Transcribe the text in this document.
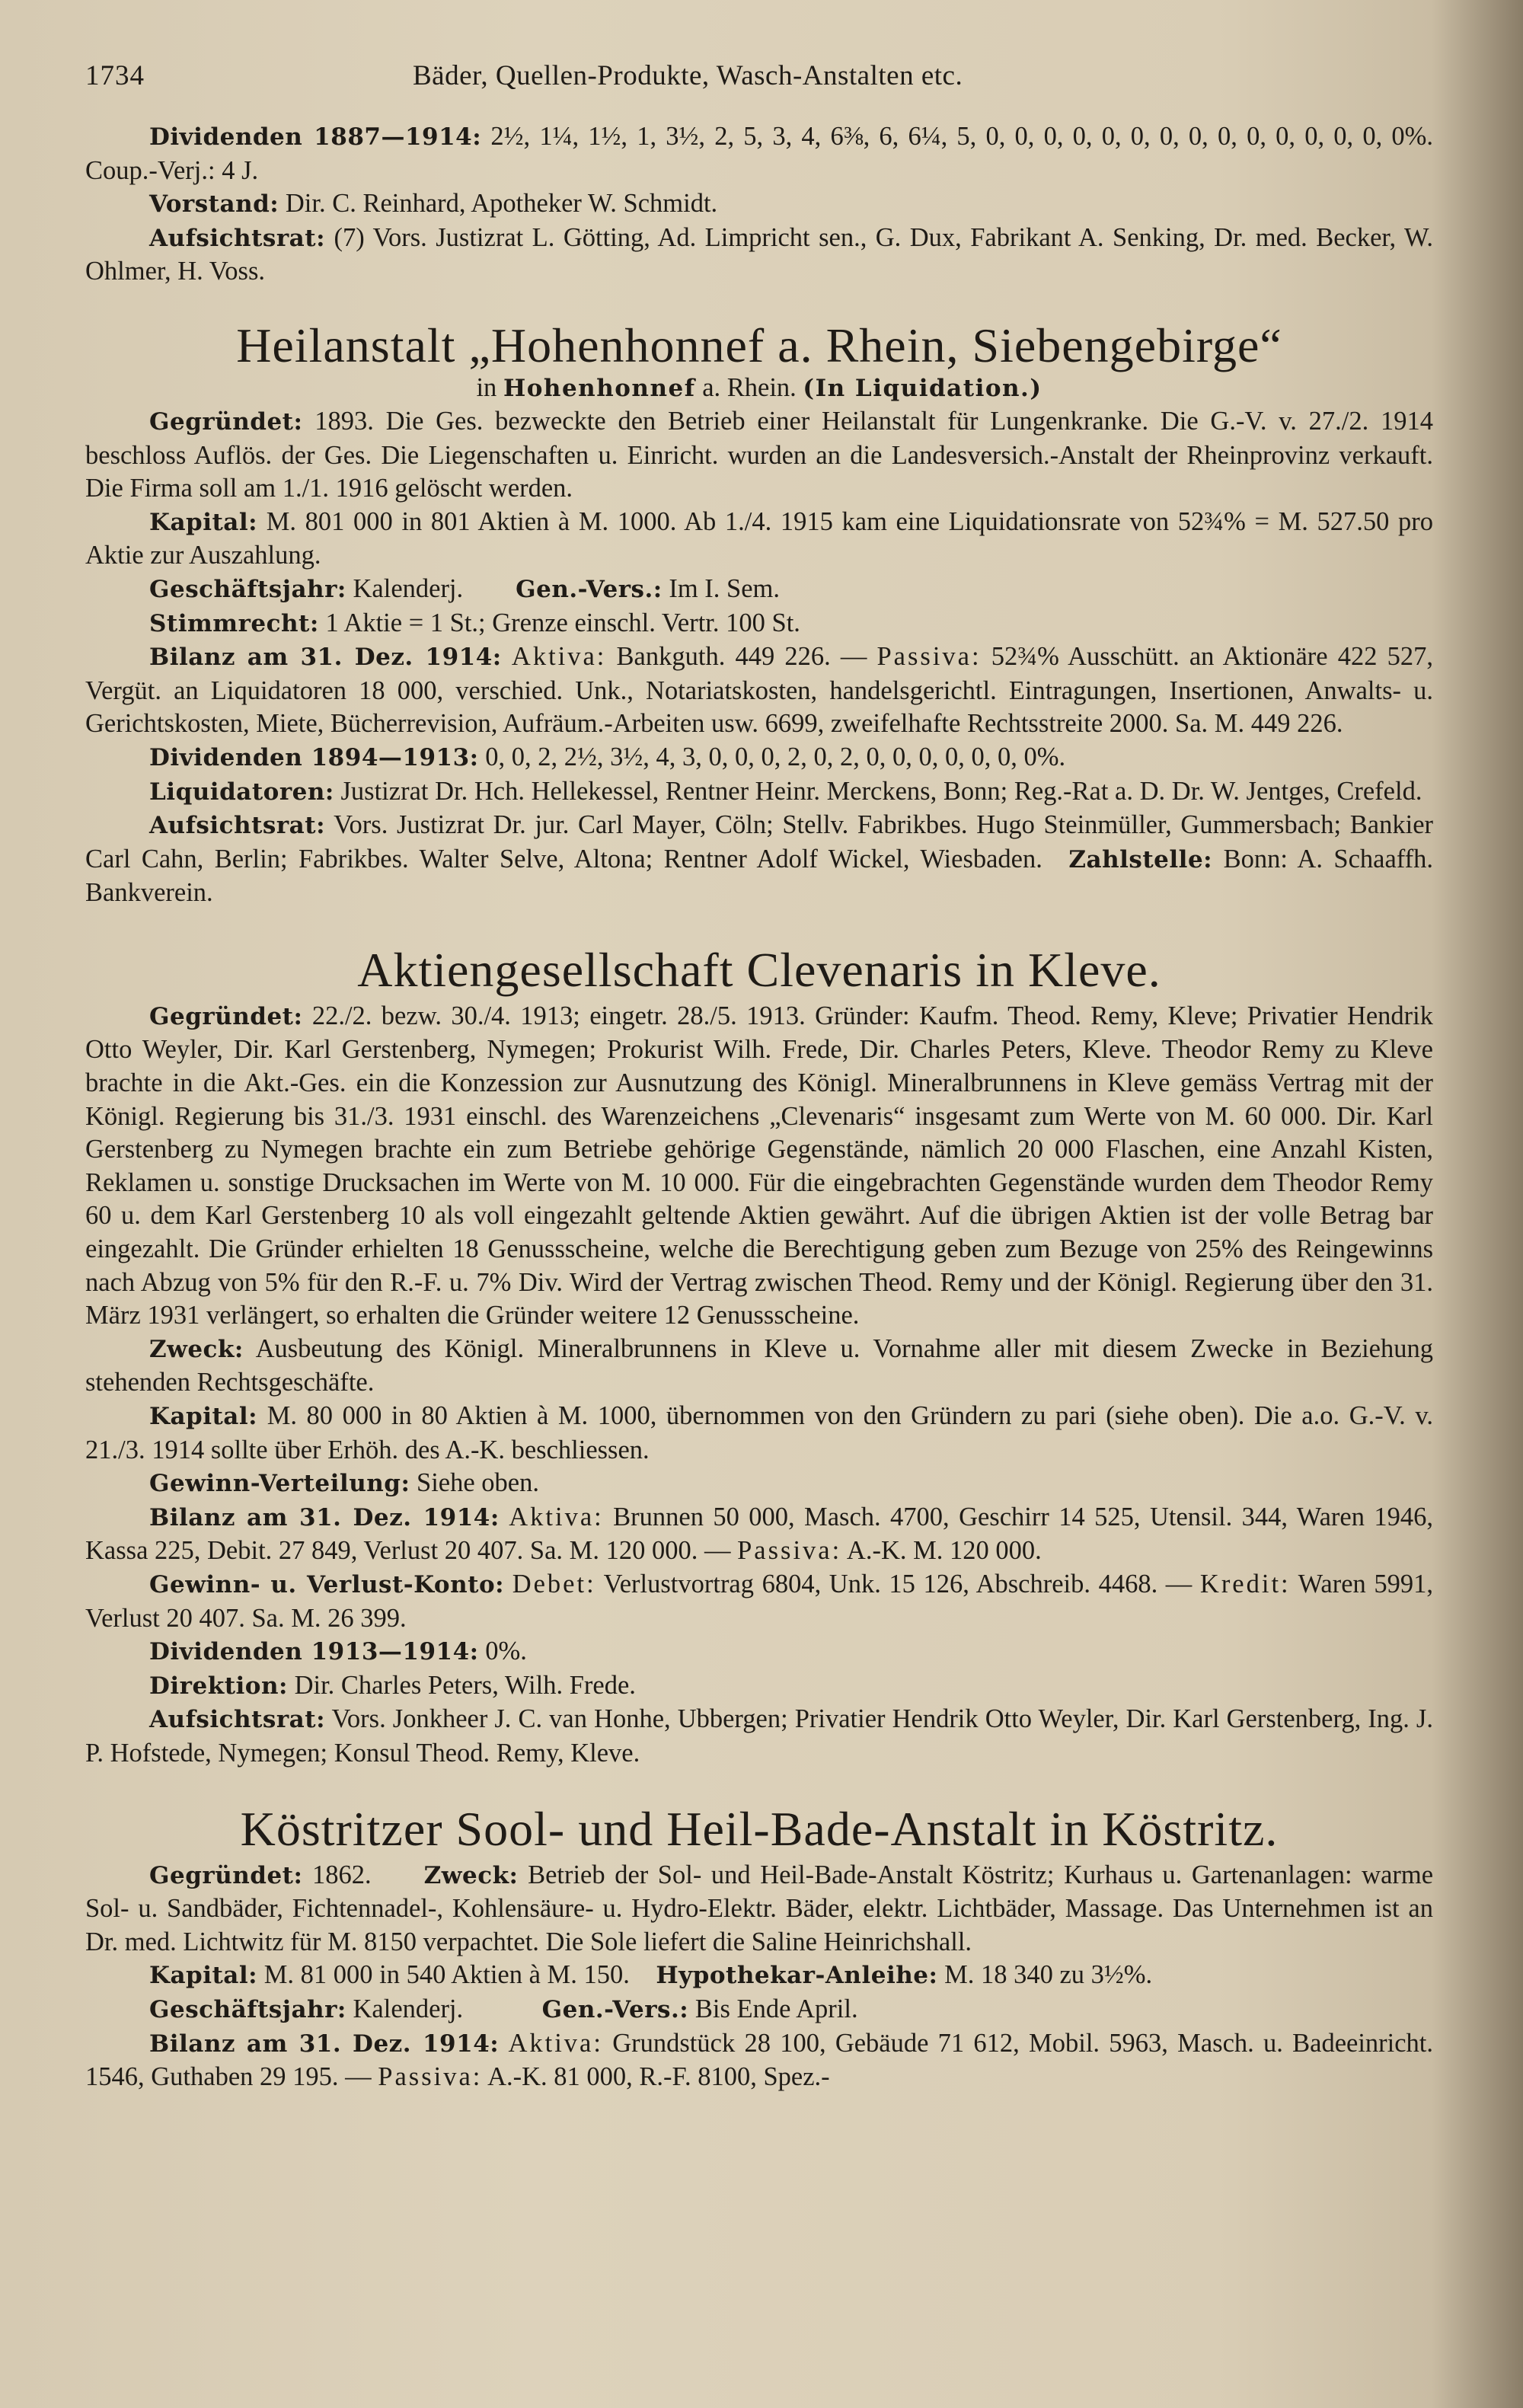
1734	Bäder, Quellen-Produkte, Wasch-Anstalten etc.

Dividenden 1887—1914: 2½, 1¼, 1½, 1, 3½, 2, 5, 3, 4, 6⅜, 6, 6¼, 5, 0, 0, 0, 0, 0, 0, 0, 0, 0, 0, 0, 0, 0, 0, 0%. Coup.-Verj.: 4 J.

Vorstand: Dir. C. Reinhard, Apotheker W. Schmidt.

Aufsichtsrat: (7) Vors. Justizrat L. Götting, Ad. Limpricht sen., G. Dux, Fabrikant A. Senking, Dr. med. Becker, W. Ohlmer, H. Voss.

Heilanstalt „Hohenhonnef a. Rhein, Siebengebirge“
in Hohenhonnef a. Rhein. (In Liquidation.)

Gegründet: 1893. Die Ges. bezweckte den Betrieb einer Heilanstalt für Lungenkranke. Die G.-V. v. 27./2. 1914 beschloss Auflös. der Ges. Die Liegenschaften u. Einricht. wurden an die Landesversich.-Anstalt der Rheinprovinz verkauft. Die Firma soll am 1./1. 1916 gelöscht werden.

Kapital: M. 801 000 in 801 Aktien à M. 1000. Ab 1./4. 1915 kam eine Liquidationsrate von 52¾% = M. 527.50 pro Aktie zur Auszahlung.

Geschäftsjahr: Kalenderj.   Gen.-Vers.: Im I. Sem.

Stimmrecht: 1 Aktie = 1 St.; Grenze einschl. Vertr. 100 St.

Bilanz am 31. Dez. 1914: Aktiva: Bankguth. 449 226. — Passiva: 52¾% Ausschütt. an Aktionäre 422 527, Vergüt. an Liquidatoren 18 000, verschied. Unk., Notariatskosten, handelsgerichtl. Eintragungen, Insertionen, Anwalts- u. Gerichtskosten, Miete, Bücherrevision, Aufräum.-Arbeiten usw. 6699, zweifelhafte Rechtsstreite 2000. Sa. M. 449 226.

Dividenden 1894—1913: 0, 0, 2, 2½, 3½, 4, 3, 0, 0, 0, 2, 0, 2, 0, 0, 0, 0, 0, 0, 0%.

Liquidatoren: Justizrat Dr. Hch. Hellekessel, Rentner Heinr. Merckens, Bonn; Reg.-Rat a. D. Dr. W. Jentges, Crefeld.

Aufsichtsrat: Vors. Justizrat Dr. jur. Carl Mayer, Cöln; Stellv. Fabrikbes. Hugo Steinmüller, Gummersbach; Bankier Carl Cahn, Berlin; Fabrikbes. Walter Selve, Altona; Rentner Adolf Wickel, Wiesbaden.  Zahlstelle: Bonn: A. Schaaffh. Bankverein.

Aktiengesellschaft Clevenaris in Kleve.

Gegründet: 22./2. bezw. 30./4. 1913; eingetr. 28./5. 1913. Gründer: Kaufm. Theod. Remy, Kleve; Privatier Hendrik Otto Weyler, Dir. Karl Gerstenberg, Nymegen; Prokurist Wilh. Frede, Dir. Charles Peters, Kleve. Theodor Remy zu Kleve brachte in die Akt.-Ges. ein die Konzession zur Ausnutzung des Königl. Mineralbrunnens in Kleve gemäss Vertrag mit der Königl. Regierung bis 31./3. 1931 einschl. des Warenzeichens „Clevenaris“ insgesamt zum Werte von M. 60 000. Dir. Karl Gerstenberg zu Nymegen brachte ein zum Betriebe gehörige Gegenstände, nämlich 20 000 Flaschen, eine Anzahl Kisten, Reklamen u. sonstige Drucksachen im Werte von M. 10 000. Für die eingebrachten Gegenstände wurden dem Theodor Remy 60 u. dem Karl Gerstenberg 10 als voll eingezahlt geltende Aktien gewährt. Auf die übrigen Aktien ist der volle Betrag bar eingezahlt. Die Gründer erhielten 18 Genussscheine, welche die Berechtigung geben zum Bezuge von 25% des Reingewinns nach Abzug von 5% für den R.-F. u. 7% Div. Wird der Vertrag zwischen Theod. Remy und der Königl. Regierung über den 31. März 1931 verlängert, so erhalten die Gründer weitere 12 Genussscheine.

Zweck: Ausbeutung des Königl. Mineralbrunnens in Kleve u. Vornahme aller mit diesem Zwecke in Beziehung stehenden Rechtsgeschäfte.

Kapital: M. 80 000 in 80 Aktien à M. 1000, übernommen von den Gründern zu pari (siehe oben). Die a.o. G.-V. v. 21./3. 1914 sollte über Erhöh. des A.-K. beschliessen.

Gewinn-Verteilung: Siehe oben.

Bilanz am 31. Dez. 1914: Aktiva: Brunnen 50 000, Masch. 4700, Geschirr 14 525, Utensil. 344, Waren 1946, Kassa 225, Debit. 27 849, Verlust 20 407. Sa. M. 120 000. — Passiva: A.-K. M. 120 000.

Gewinn- u. Verlust-Konto: Debet: Verlustvortrag 6804, Unk. 15 126, Abschreib. 4468. — Kredit: Waren 5991, Verlust 20 407. Sa. M. 26 399.

Dividenden 1913—1914: 0%.

Direktion: Dir. Charles Peters, Wilh. Frede.

Aufsichtsrat: Vors. Jonkheer J. C. van Honhe, Ubbergen; Privatier Hendrik Otto Weyler, Dir. Karl Gerstenberg, Ing. J. P. Hofstede, Nymegen; Konsul Theod. Remy, Kleve.

Köstritzer Sool- und Heil-Bade-Anstalt in Köstritz.

Gegründet: 1862.   Zweck: Betrieb der Sol- und Heil-Bade-Anstalt Köstritz; Kurhaus u. Gartenanlagen: warme Sol- u. Sandbäder, Fichtennadel-, Kohlensäure- u. Hydro-Elektr. Bäder, elektr. Lichtbäder, Massage. Das Unternehmen ist an Dr. med. Lichtwitz für M. 8150 verpachtet. Die Sole liefert die Saline Heinrichshall.

Kapital: M. 81 000 in 540 Aktien à M. 150.  Hypothekar-Anleihe: M. 18 340 zu 3½%.

Geschäftsjahr: Kalenderj.   	Gen.-Vers.: Bis Ende April.

Bilanz am 31. Dez. 1914: Aktiva: Grundstück 28 100, Gebäude 71 612, Mobil. 5963, Masch. u. Badeeinricht. 1546, Guthaben 29 195. — Passiva: A.-K. 81 000, R.-F. 8100, Spez.-
